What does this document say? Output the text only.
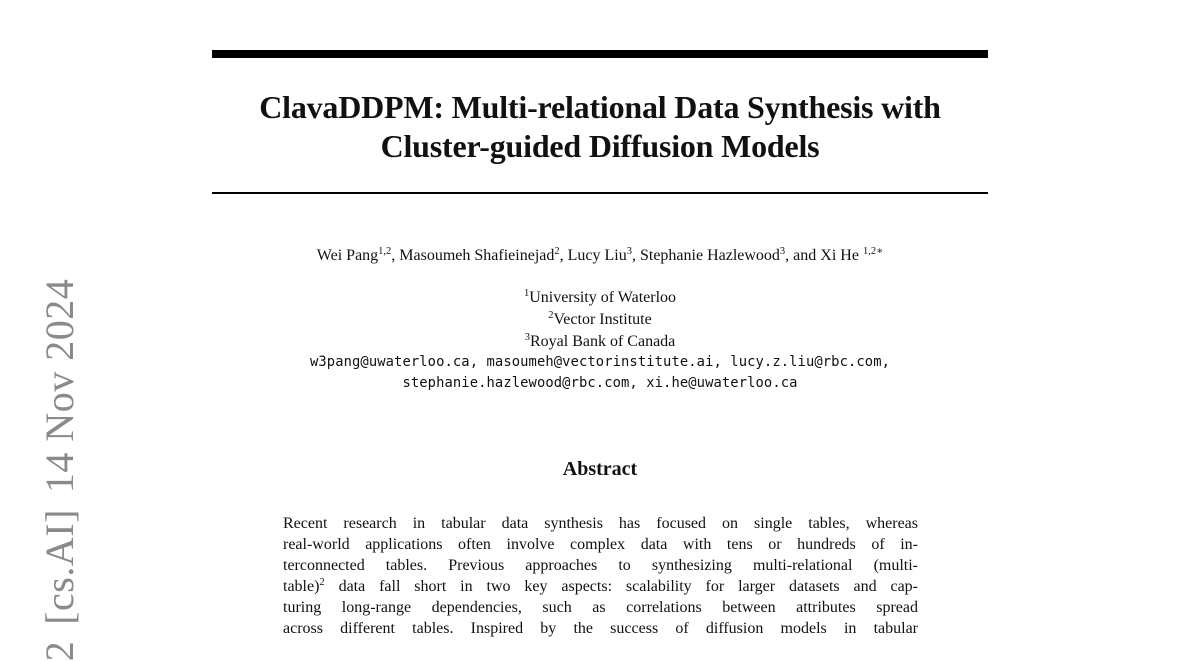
ClavaDDPM: Multi-relational Data Synthesis with
Cluster-guided Diffusion Models
Wei Pang$^{1,2}$, Masoumeh Shafieinejad$^2$, Lucy Liu$^3$, Stephanie Hazlewood$^3$, and Xi He $^{1,2∗}$
$^1$University of Waterloo
$^2$Vector Institute
$^3$Royal Bank of Canada
w3pang@uwaterloo.ca, masoumeh@vectorinstitute.ai, lucy.z.liu@rbc.com,
stephanie.hazlewood@rbc.com, xi.he@uwaterloo.ca
Abstract

Recent research in tabular data synthesis has focused on single tables, whereas
real-world applications often involve complex data with tens or hundreds of in-
terconnected tables. Previous approaches to synthesizing multi-relational (multi-
table)$^2$ data fall short in two key aspects: scalability for larger datasets and cap-
turing long-range dependencies, such as correlations between attributes spread
across different tables. Inspired by the success of diffusion models in tabular

2[cs.AI]14 Nov 2024
